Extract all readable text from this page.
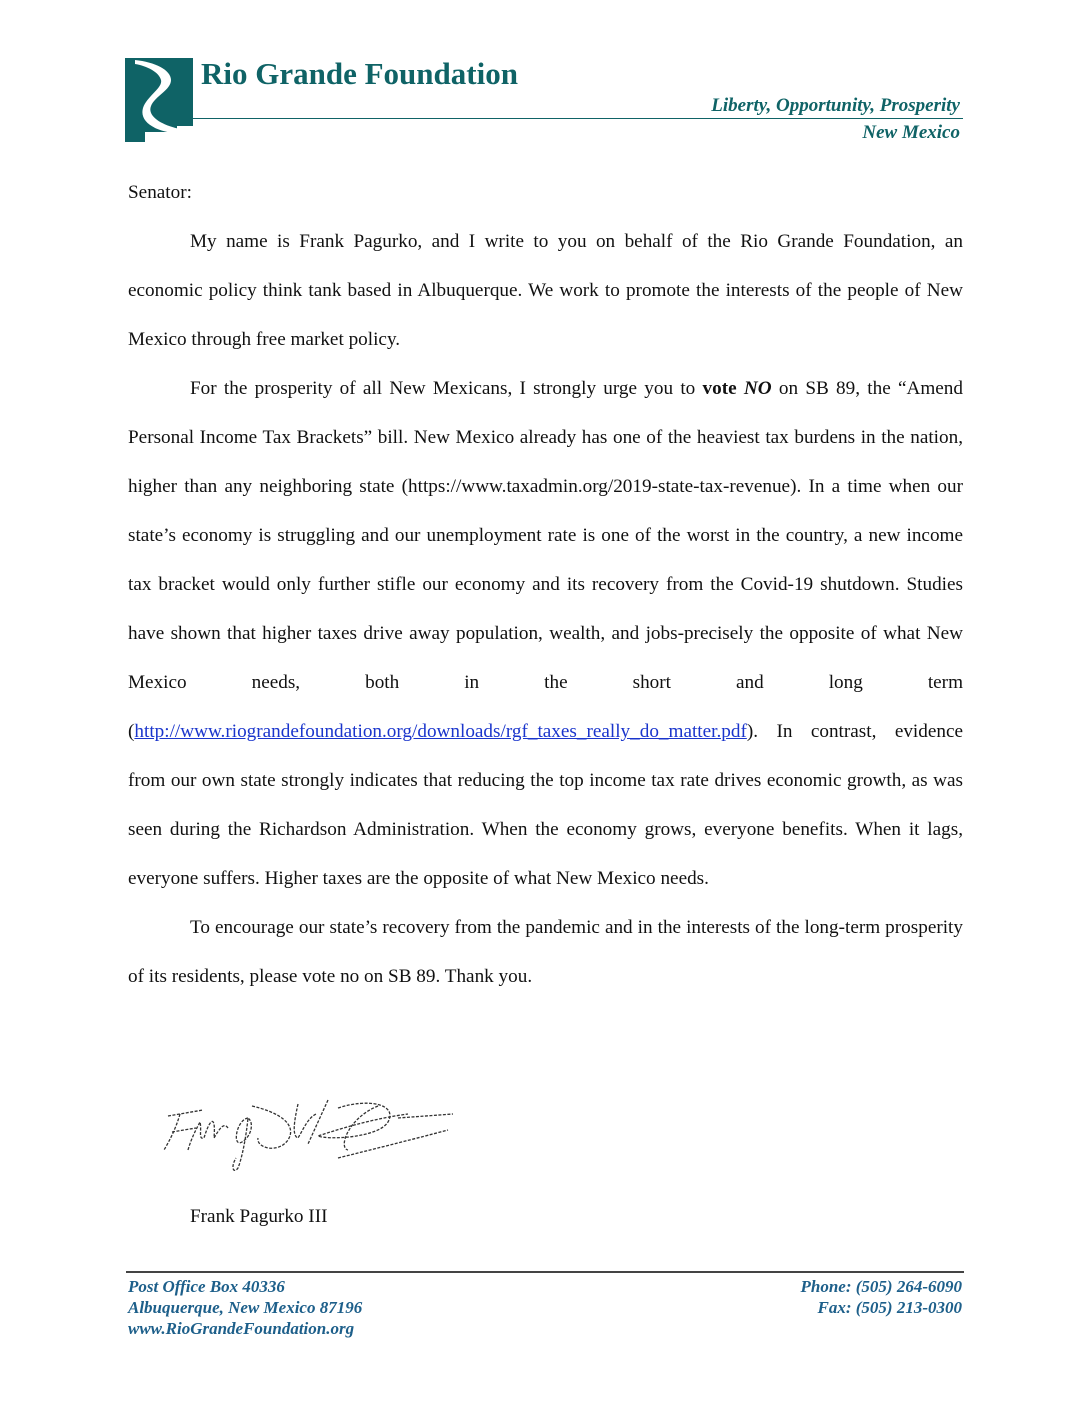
Rio Grande Foundation
Liberty, Opportunity, Prosperity
New Mexico

Senator:

My name is Frank Pagurko, and I write to you on behalf of the Rio Grande Foundation, an economic policy think tank based in Albuquerque. We work to promote the interests of the people of New Mexico through free market policy.

For the prosperity of all New Mexicans, I strongly urge you to vote NO on SB 89, the “Amend Personal Income Tax Brackets” bill. New Mexico already has one of the heaviest tax burdens in the nation, higher than any neighboring state (https://www.taxadmin.org/2019-state-tax-revenue). In a time when our state’s economy is struggling and our unemployment rate is one of the worst in the country, a new income tax bracket would only further stifle our economy and its recovery from the Covid-19 shutdown. Studies have shown that higher taxes drive away population, wealth, and jobs-precisely the opposite of what New Mexico needs, both in the short and long term (http://www.riograndefoundation.org/downloads/rgf_taxes_really_do_matter.pdf). In contrast, evidence from our own state strongly indicates that reducing the top income tax rate drives economic growth, as was seen during the Richardson Administration. When the economy grows, everyone benefits. When it lags, everyone suffers. Higher taxes are the opposite of what New Mexico needs.

To encourage our state’s recovery from the pandemic and in the interests of the long-term prosperity of its residents, please vote no on SB 89. Thank you.

Frank Pagurko III
Post Office Box 40336
Albuquerque, New Mexico 87196
www.RioGrandeFoundation.org
Phone: (505) 264-6090
Fax: (505) 213-0300
